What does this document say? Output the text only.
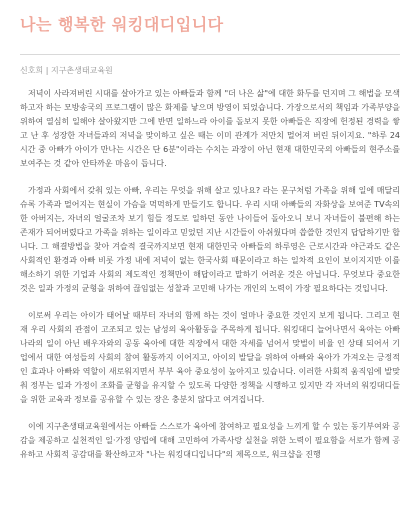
나는 행복한 워킹대디입니다

신호희 | 지구촌생태교육원

저녁이 사라져버린 시대를 살아가고 있는 아빠들과 함께 "더 나은 삶"에 대한 화두를 던지며 그 해법을 모색하고자 하는 모방송국의 프로그램이 많은 화제를 낳으며 방영이 되었습니다. 가장으로서의 책임과 가족부양을 위하여 열심히 일해야 살아왔지만 그에 반면 일하느라 아이를 돌보지 못한 아빠들은 직장에 헌정된 경력을 쌓고 난 후 성장한 자녀들과의 저녁을 맞이하고 싶은 때는 이미 관계가 저만치 멀어져 버린 뒤이지요. "하루 24시간 중 아빠가 아이가 만나는 시간은 단 6분"이라는 수치는 과장이 아닌 현재 대한민국의 아빠들의 현주소를 보여주는 것 같아 안타까운 마음이 듭니다.

가정과 사회에서 갖춰 있는 아빠, 우리는 무엇을 위해 살고 있나요? 라는 문구처럼 가족을 위해 일에 매달리슈록 가족과 멀어지는 현실이 가슴을 먹먹하게 만들기도 합니다. 우리 시대 아빠들의 자화상을 보여준 TV속의 한 아버지는, 자녀의 얼굴조차 보기 힘들 정도로 일하던 동안 나이들어 돌아오니 보니 자녀들이 불편해 하는 존재가 되어버렸다고 가족을 위하는 일이라고 믿었던 지난 시간들이 아쉬웠다며 씁쓸한 것인지 답답하기만 합니다. 그 해결방법을 찾아 겨슬적 결국까지보면 현재 대한민국 아빠들의 하루영은 근로시간과 야근과도 같은 사회적인 환경과 아빠 비롯 가정 내에 저녁이 없는 한국사회 때문이라고 하는 일차적 요인이 보이지지만 이를 해소하기 위한 기업과 사회의 제도적인 정책만이 해답이라고 말하기 어려운 것은 아닙니다. 무엇보다 중요한 것은 일과 가정의 균형을 위하여 끊임없는 성찰과 고민해 나가는 개인의 노력이 가장 필요하다는 것입니다.

이로써 우리는 아이가 태어날 때부터 자녀의 함께 하는 것이 얼마나 중요한 것인지 보게 됩니다. 그리고 현재 우리 사회의 관점이 고조되고 있는 남성의 육아활동을 주목하게 됩니다. 워킹대디 늘어나면서 육아는 아빠 나라의 일이 아닌 배우자와의 공동 육아에 대한 직장에서 대한 자세를 넘어서 맞벌이 비율 인 상태 되어서 기업에서 대한 여성들의 사회의 참여 활동까지 이어지고, 아이의 발달을 위하여 아빠와 육아가 가져오는 긍정적인 효과나 아빠와 역할이 새로워지면서 부부 육아 중요성이 높아지고 있습니다. 이러한 사회적 움직임에 발맞춰 정부는 일과 가정이 조화를 균형을 유지할 수 있도록 다양한 정책을 시행하고 있지만 각 자녀의 워킹대디들을 위한 교육과 정보를 공유할 수 있는 장은 충분치 않다고 여겨집니다.

이에 지구촌생태교육원에서는 아빠들 스스로가 육아에 참여하고 필요성을 느끼게 할 수 있는 동기부여와 공감을 제공하고 실천적인 일·가정 양립에 대해 고민하여 가족사랑 실천을 위한 노력이 필요함을 서로가 함께 공유하고 사회적 공감대를 확산하고자 "나는 워킹대디입니다"의 제목으로, 워크샵을 진행
